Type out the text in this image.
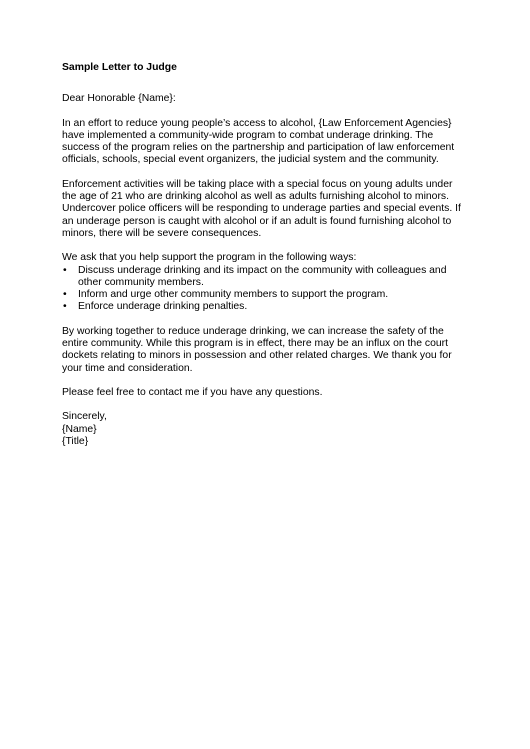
Sample Letter to Judge
Dear Honorable {Name}:
In an effort to reduce young people’s access to alcohol, {Law Enforcement Agencies}
have implemented a community-wide program to combat underage drinking. The
success of the program relies on the partnership and participation of law enforcement
officials, schools, special event organizers, the judicial system and the community.
Enforcement activities will be taking place with a special focus on young adults under
the age of 21 who are drinking alcohol as well as adults furnishing alcohol to minors.
Undercover police officers will be responding to underage parties and special events. If
an underage person is caught with alcohol or if an adult is found furnishing alcohol to
minors, there will be severe consequences.
We ask that you help support the program in the following ways:
• Discuss underage drinking and its impact on the community with colleagues and
other community members.
• Inform and urge other community members to support the program.
• Enforce underage drinking penalties.
By working together to reduce underage drinking, we can increase the safety of the
entire community. While this program is in effect, there may be an influx on the court
dockets relating to minors in possession and other related charges. We thank you for
your time and consideration.
Please feel free to contact me if you have any questions.
Sincerely,
{Name}
{Title}
